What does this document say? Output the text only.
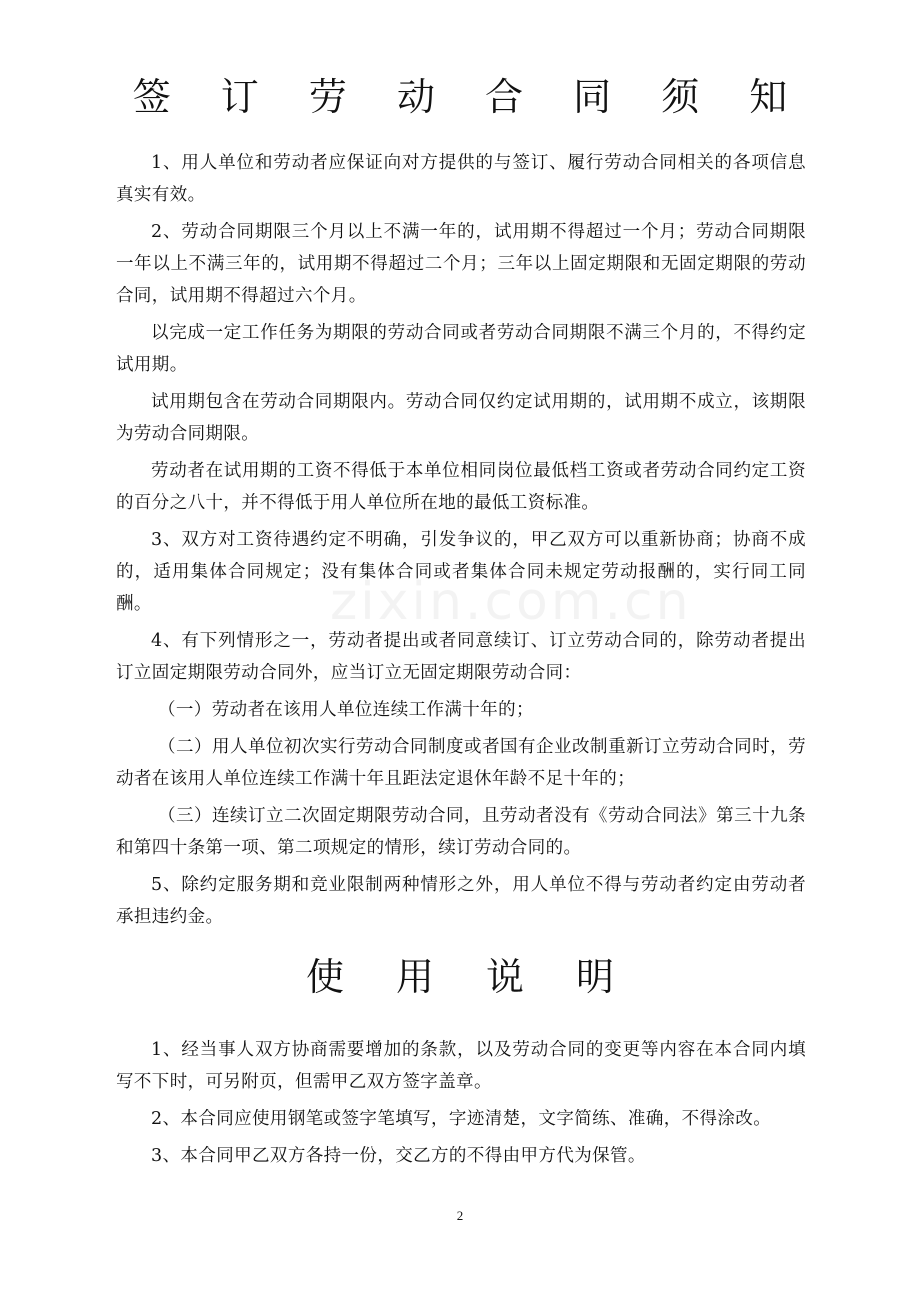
签 订 劳 动 合 同 须 知

1、用人单位和劳动者应保证向对方提供的与签订、履行劳动合同相关的各项信息真实有效。

2、劳动合同期限三个月以上不满一年的，试用期不得超过一个月；劳动合同期限一年以上不满三年的，试用期不得超过二个月；三年以上固定期限和无固定期限的劳动合同，试用期不得超过六个月。

以完成一定工作任务为期限的劳动合同或者劳动合同期限不满三个月的，不得约定试用期。

试用期包含在劳动合同期限内。劳动合同仅约定试用期的，试用期不成立，该期限为劳动合同期限。

劳动者在试用期的工资不得低于本单位相同岗位最低档工资或者劳动合同约定工资的百分之八十，并不得低于用人单位所在地的最低工资标准。

3、双方对工资待遇约定不明确，引发争议的，甲乙双方可以重新协商；协商不成的，适用集体合同规定；没有集体合同或者集体合同未规定劳动报酬的，实行同工同酬。

4、有下列情形之一，劳动者提出或者同意续订、订立劳动合同的，除劳动者提出订立固定期限劳动合同外，应当订立无固定期限劳动合同：

（一）劳动者在该用人单位连续工作满十年的；

（二）用人单位初次实行劳动合同制度或者国有企业改制重新订立劳动合同时，劳动者在该用人单位连续工作满十年且距法定退休年龄不足十年的；

（三）连续订立二次固定期限劳动合同，且劳动者没有《劳动合同法》第三十九条和第四十条第一项、第二项规定的情形，续订劳动合同的。

5、除约定服务期和竞业限制两种情形之外，用人单位不得与劳动者约定由劳动者承担违约金。

zixin.com.cn
使 用 说 明

1、经当事人双方协商需要增加的条款，以及劳动合同的变更等内容在本合同内填写不下时，可另附页，但需甲乙双方签字盖章。

2、本合同应使用钢笔或签字笔填写，字迹清楚，文字简练、准确，不得涂改。

3、本合同甲乙双方各持一份，交乙方的不得由甲方代为保管。

2
